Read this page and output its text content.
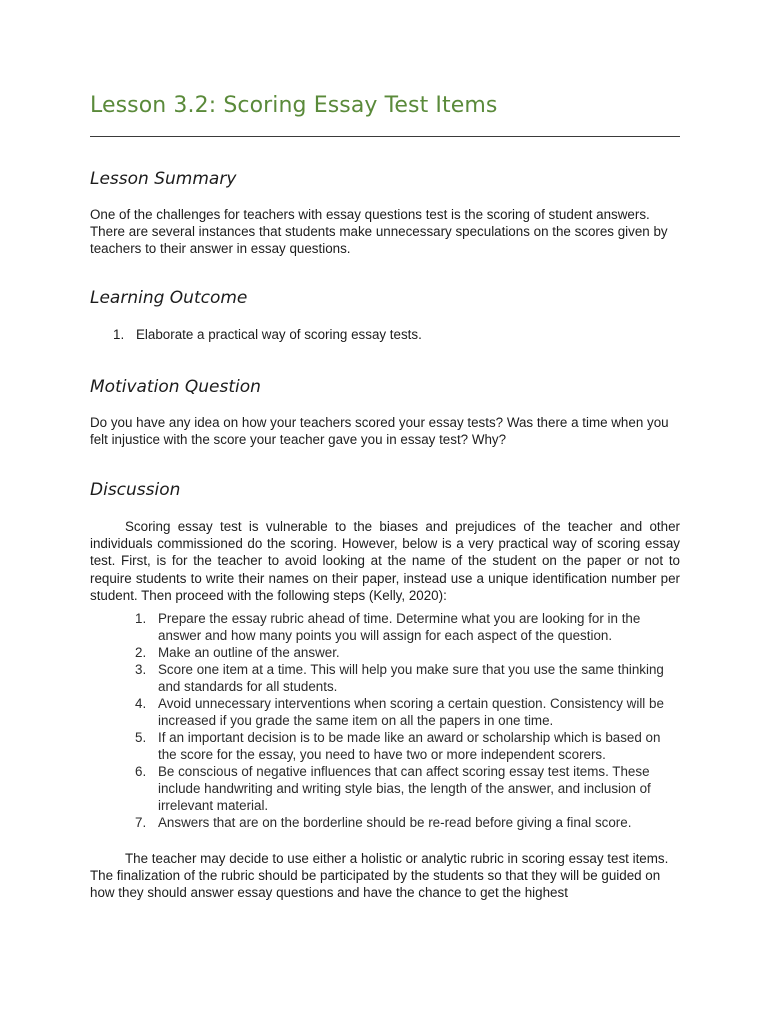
Lesson 3.2: Scoring Essay Test Items
Lesson Summary

One of the challenges for teachers with essay questions test is the scoring of student answers. There are several instances that students make unnecessary speculations on the scores given by teachers to their answer in essay questions.

Learning Outcome
1. Elaborate a practical way of scoring essay tests.
Motivation Question

Do you have any idea on how your teachers scored your essay tests? Was there a time when you felt injustice with the score your teacher gave you in essay test? Why?

Discussion

Scoring essay test is vulnerable to the biases and prejudices of the teacher and other individuals commissioned do the scoring. However, below is a very practical way of scoring essay test. First, is for the teacher to avoid looking at the name of the student on the paper or not to require students to write their names on their paper, instead use a unique identification number per student. Then proceed with the following steps (Kelly, 2020):

1. Prepare the essay rubric ahead of time. Determine what you are looking for in the answer and how many points you will assign for each aspect of the question.
2. Make an outline of the answer.
3. Score one item at a time. This will help you make sure that you use the same thinking and standards for all students.
4. Avoid unnecessary interventions when scoring a certain question. Consistency will be increased if you grade the same item on all the papers in one time.
5. If an important decision is to be made like an award or scholarship which is based on the score for the essay, you need to have two or more independent scorers.
6. Be conscious of negative influences that can affect scoring essay test items. These include handwriting and writing style bias, the length of the answer, and inclusion of irrelevant material.
7. Answers that are on the borderline should be re-read before giving a final score.

The teacher may decide to use either a holistic or analytic rubric in scoring essay test items. The finalization of the rubric should be participated by the students so that they will be guided on how they should answer essay questions and have the chance to get the highest
